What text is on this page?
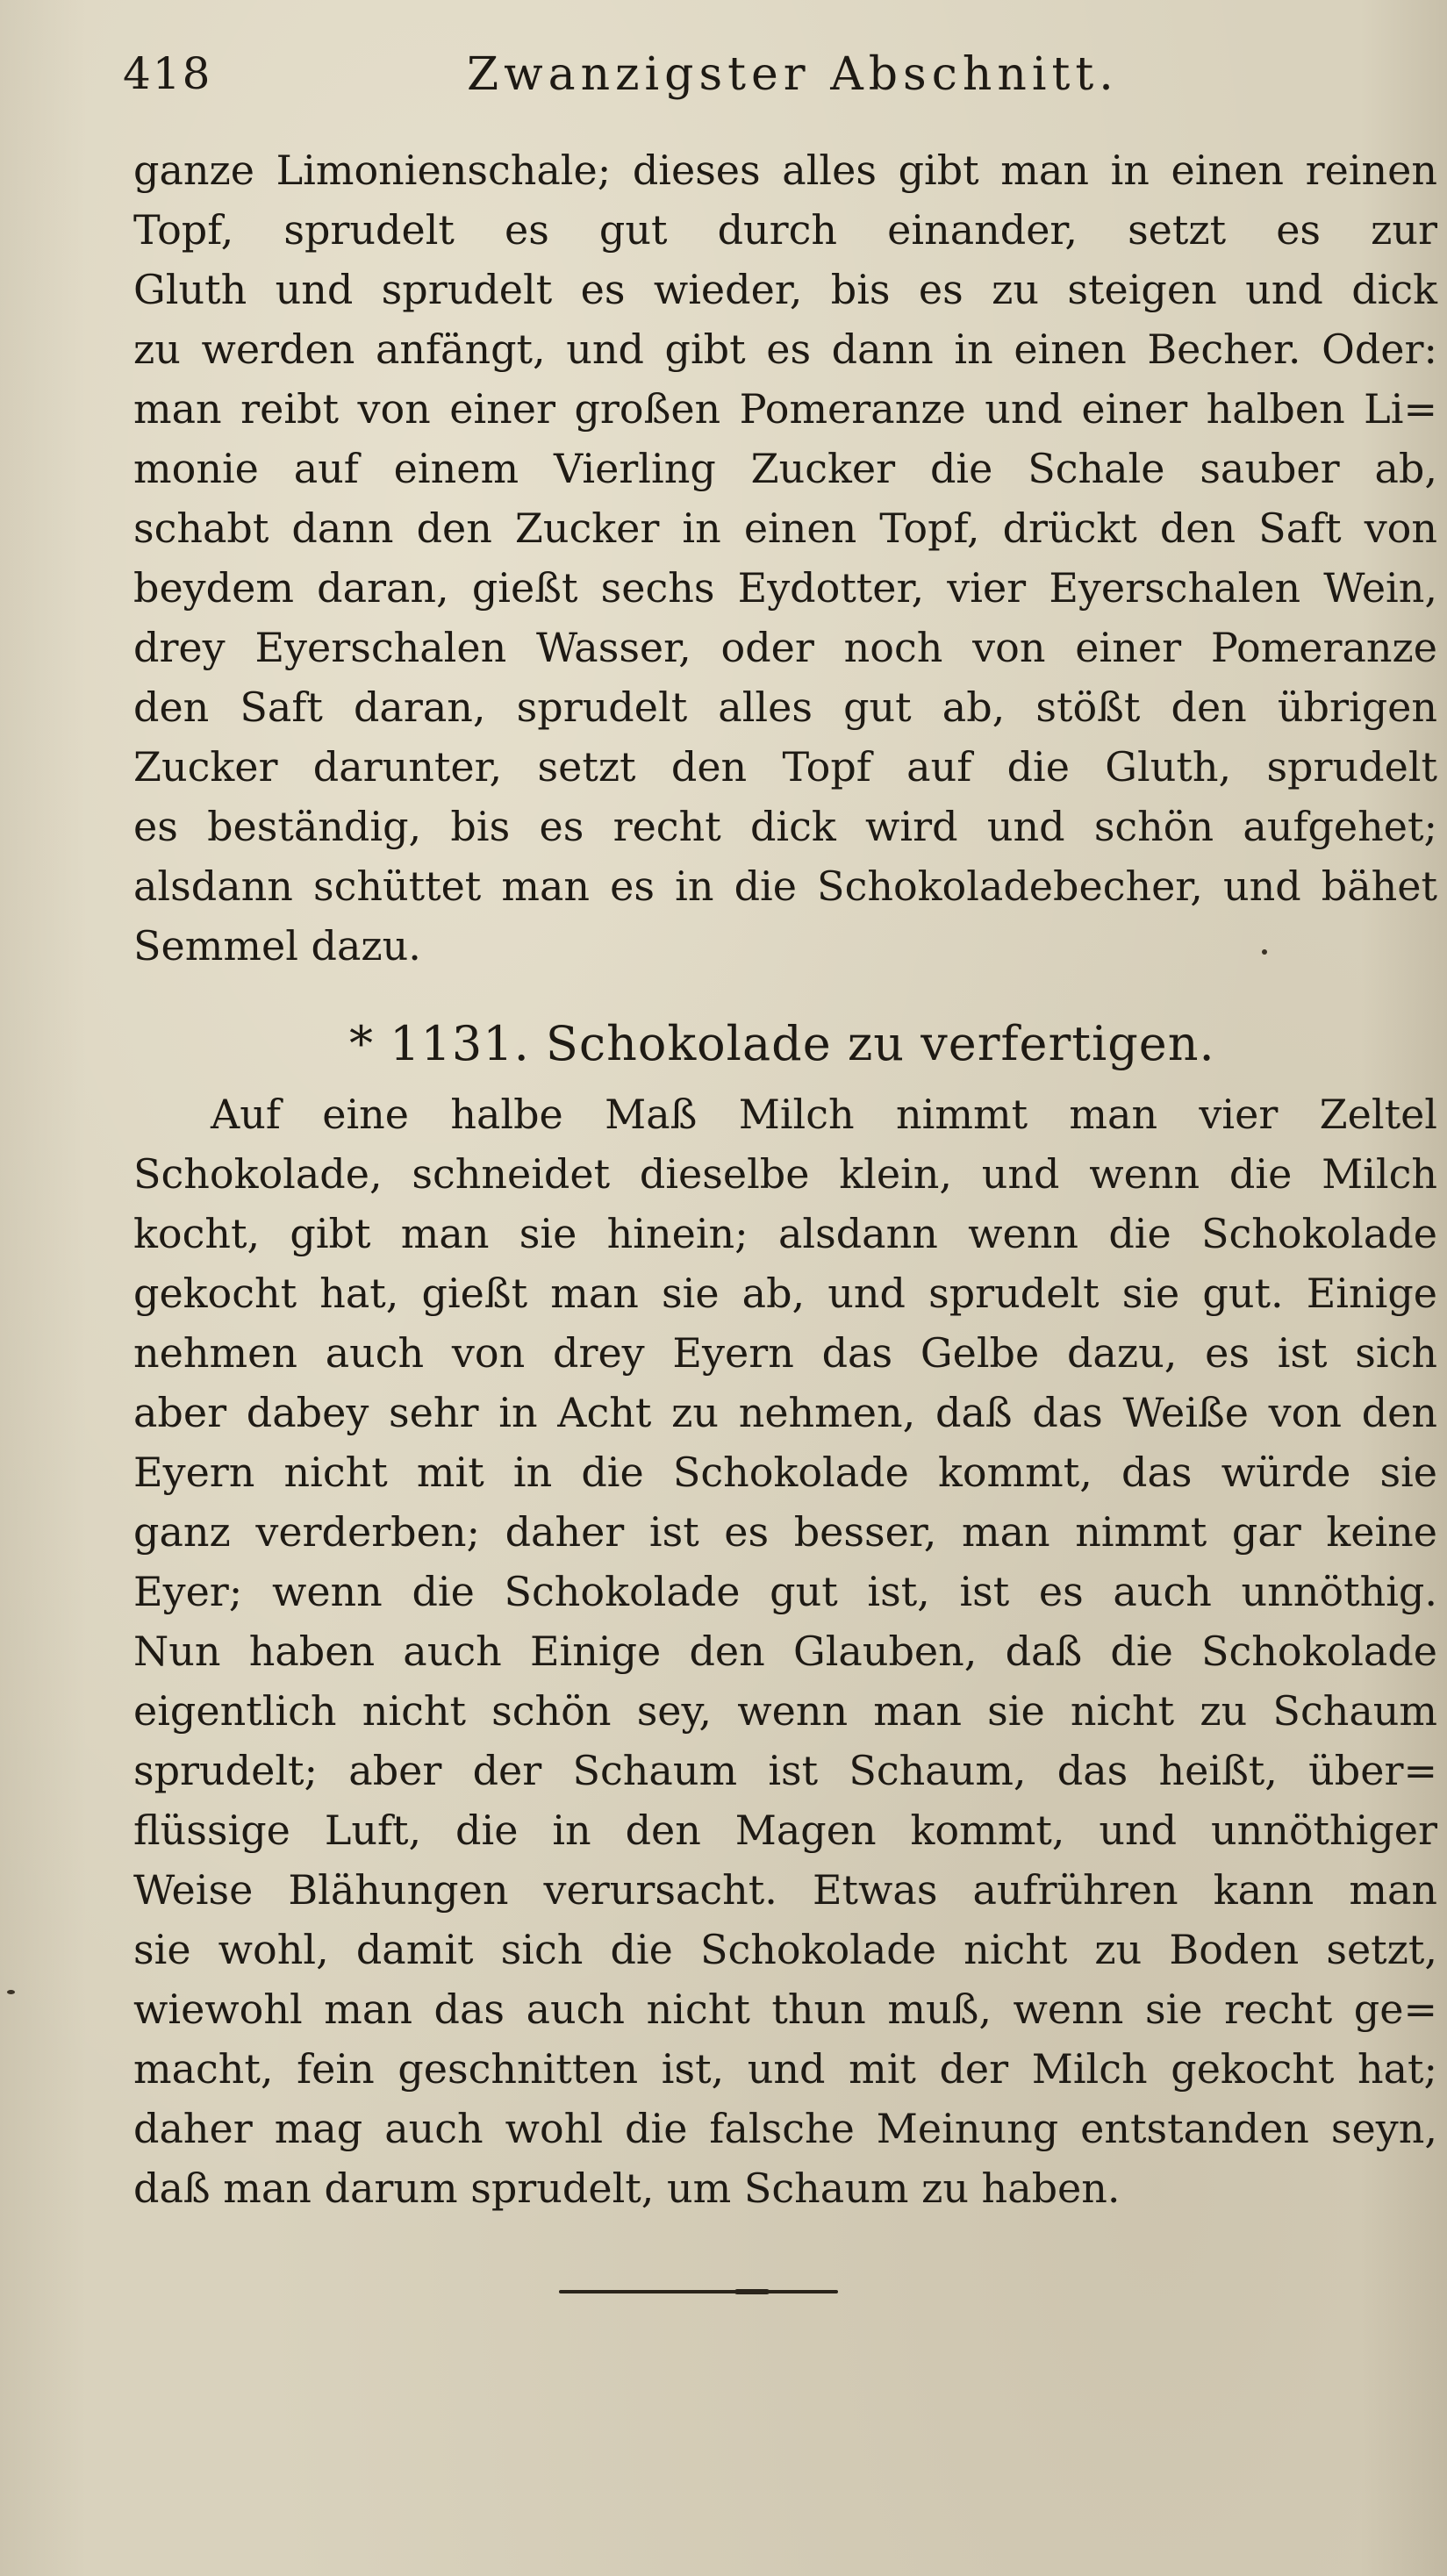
418	Zwanzigster Abschnitt.
ganze Limonienschale; dieses alles gibt man in einen reinen
Topf, sprudelt es gut durch einander, setzt es zur
Gluth und sprudelt es wieder, bis es zu steigen und dick
zu werden anfängt, und gibt es dann in einen Becher. Oder:
man reibt von einer großen Pomeranze und einer halben Li=
monie auf einem Vierling Zucker die Schale sauber ab,
schabt dann den Zucker in einen Topf, drückt den Saft von
beydem daran, gießt sechs Eydotter, vier Eyerschalen Wein,
drey Eyerschalen Wasser, oder noch von einer Pomeranze
den Saft daran, sprudelt alles gut ab, stößt den übrigen
Zucker darunter, setzt den Topf auf die Gluth, sprudelt
es beständig, bis es recht dick wird und schön aufgehet;
alsdann schüttet man es in die Schokoladebecher, und bähet
Semmel dazu.
* 1131. Schokolade zu verfertigen.
Auf eine halbe Maß Milch nimmt man vier Zeltel
Schokolade, schneidet dieselbe klein, und wenn die Milch
kocht, gibt man sie hinein; alsdann wenn die Schokolade
gekocht hat, gießt man sie ab, und sprudelt sie gut. Einige
nehmen auch von drey Eyern das Gelbe dazu, es ist sich
aber dabey sehr in Acht zu nehmen, daß das Weiße von den
Eyern nicht mit in die Schokolade kommt, das würde sie
ganz verderben; daher ist es besser, man nimmt gar keine
Eyer; wenn die Schokolade gut ist, ist es auch unnöthig.
Nun haben auch Einige den Glauben, daß die Schokolade
eigentlich nicht schön sey, wenn man sie nicht zu Schaum
sprudelt; aber der Schaum ist Schaum, das heißt, über=
flüssige Luft, die in den Magen kommt, und unnöthiger
Weise Blähungen verursacht. Etwas aufrühren kann man
sie wohl, damit sich die Schokolade nicht zu Boden setzt,
wiewohl man das auch nicht thun muß, wenn sie recht ge=
macht, fein geschnitten ist, und mit der Milch gekocht hat;
daher mag auch wohl die falsche Meinung entstanden seyn,
daß man darum sprudelt, um Schaum zu haben.
